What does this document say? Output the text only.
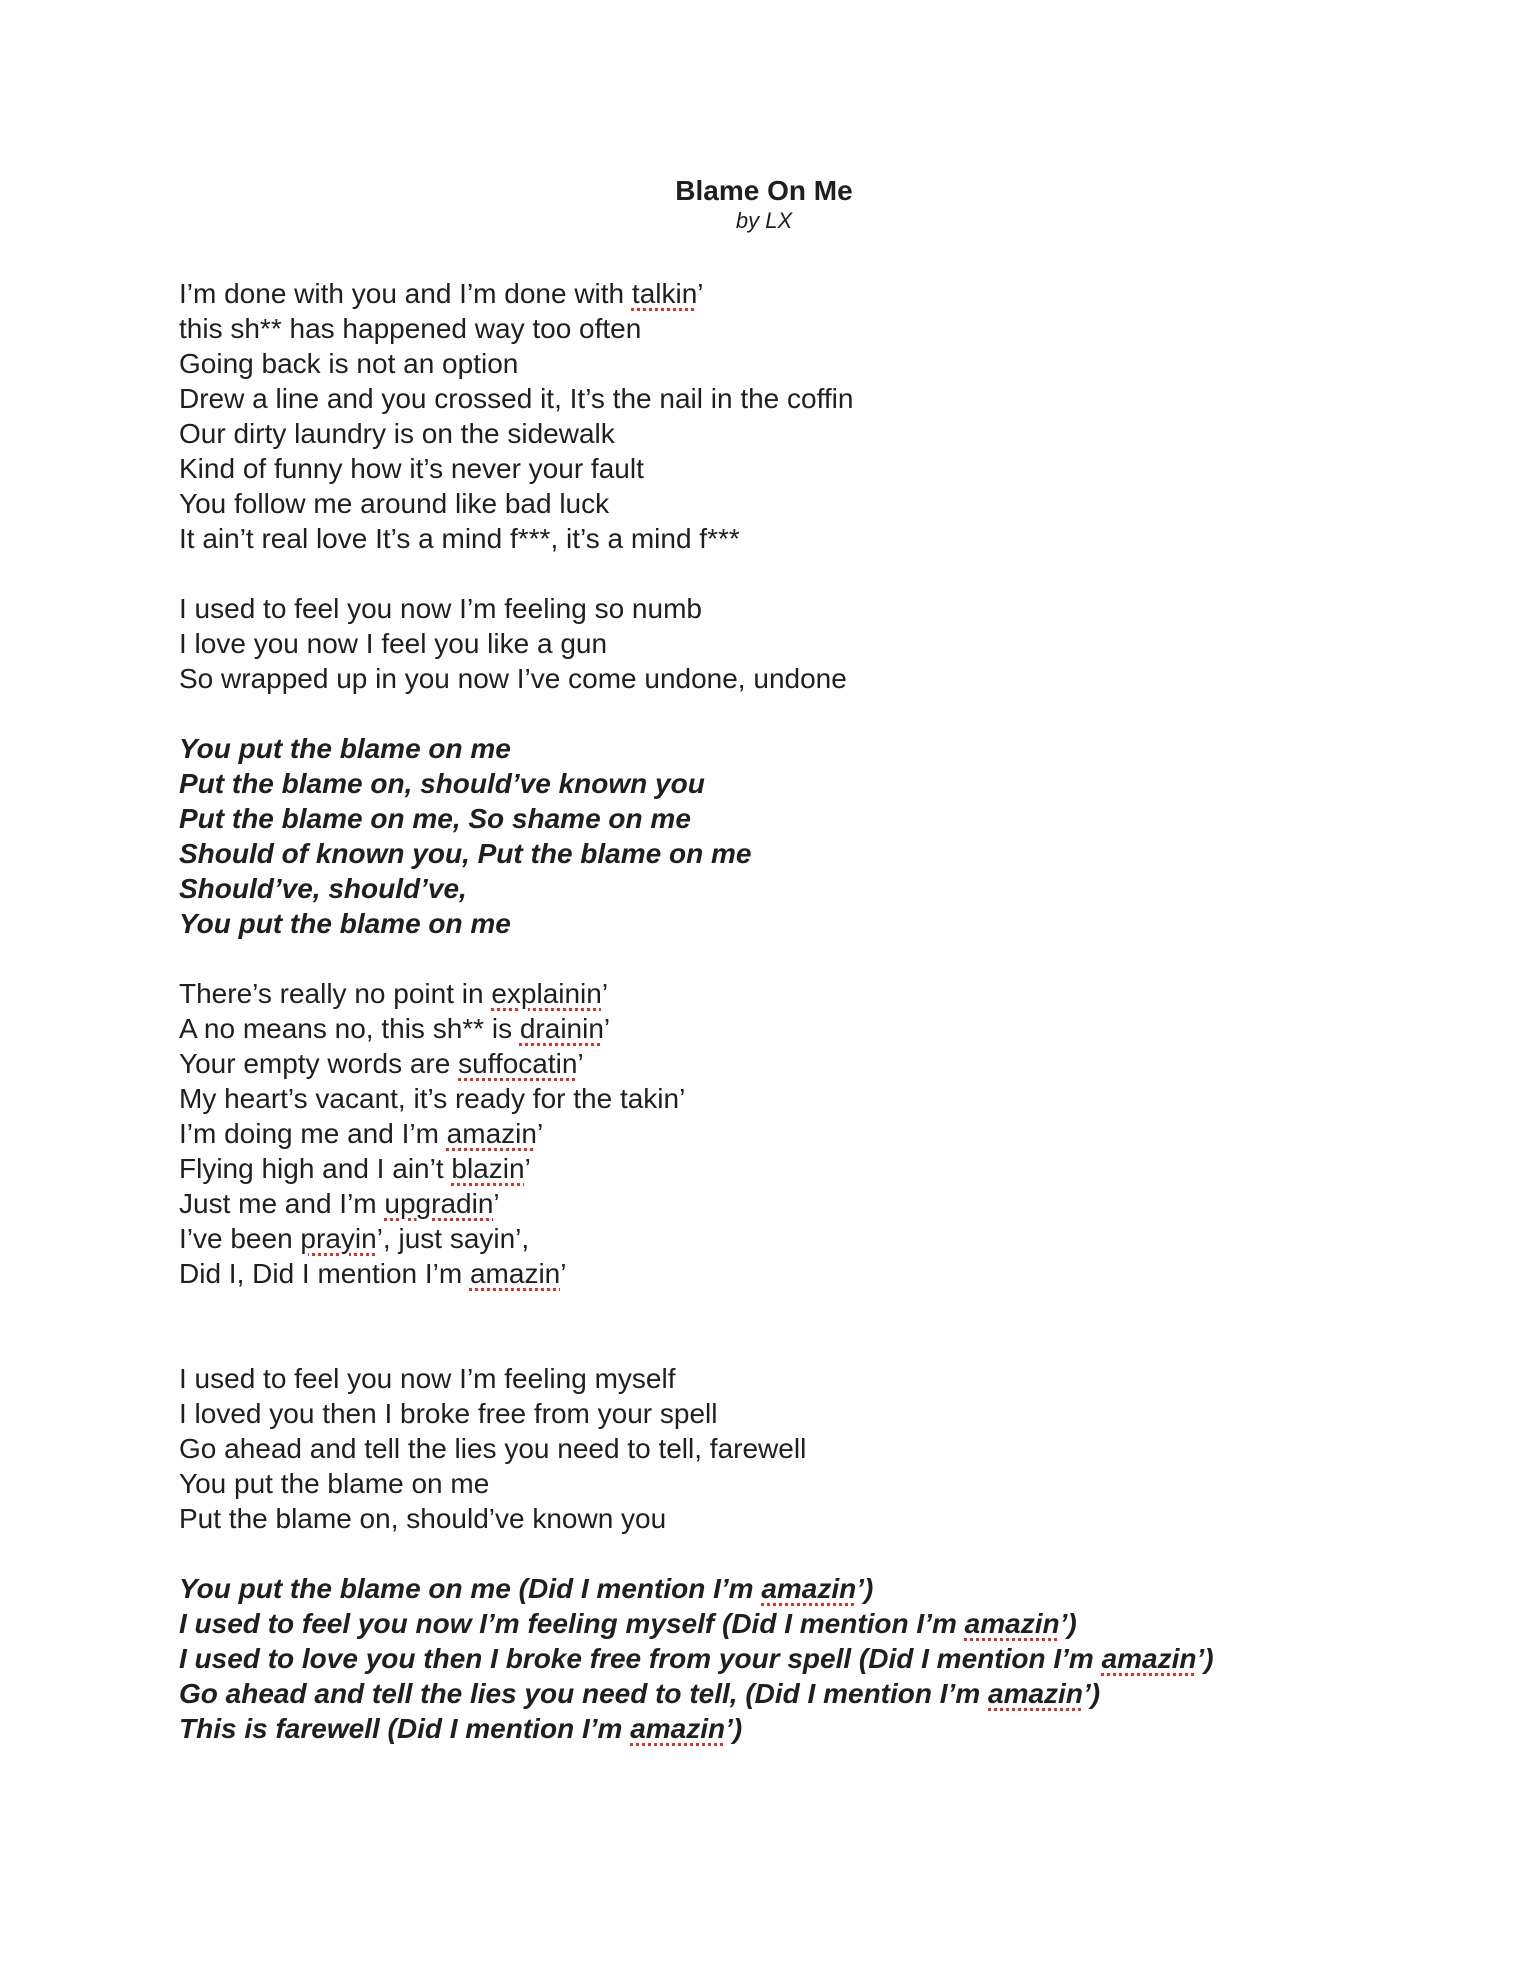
Blame On Me
by LX
I’m done with you and I’m done with talkin’
this sh** has happened way too often
Going back is not an option
Drew a line and you crossed it, It’s the nail in the coffin
Our dirty laundry is on the sidewalk
Kind of funny how it’s never your fault
You follow me around like bad luck
It ain’t real love It’s a mind f***, it’s a mind f***
I used to feel you now I’m feeling so numb
I love you now I feel you like a gun
So wrapped up in you now I’ve come undone, undone
You put the blame on me
Put the blame on, should’ve known you
Put the blame on me, So shame on me
Should of known you, Put the blame on me
Should’ve, should’ve,
You put the blame on me
There’s really no point in explainin’
A no means no, this sh** is drainin’
Your empty words are suffocatin’
My heart’s vacant, it’s ready for the takin’
I’m doing me and I’m amazin’
Flying high and I ain’t blazin’
Just me and I’m upgradin’
I’ve been prayin’, just sayin’,
Did I, Did I mention I’m amazin’
I used to feel you now I’m feeling myself
I loved you then I broke free from your spell
Go ahead and tell the lies you need to tell, farewell
You put the blame on me
Put the blame on, should’ve known you
You put the blame on me (Did I mention I’m amazin’)
I used to feel you now I’m feeling myself (Did I mention I’m amazin’)
I used to love you then I broke free from your spell (Did I mention I’m amazin’)
Go ahead and tell the lies you need to tell, (Did I mention I’m amazin’)
This is farewell (Did I mention I’m amazin’)
